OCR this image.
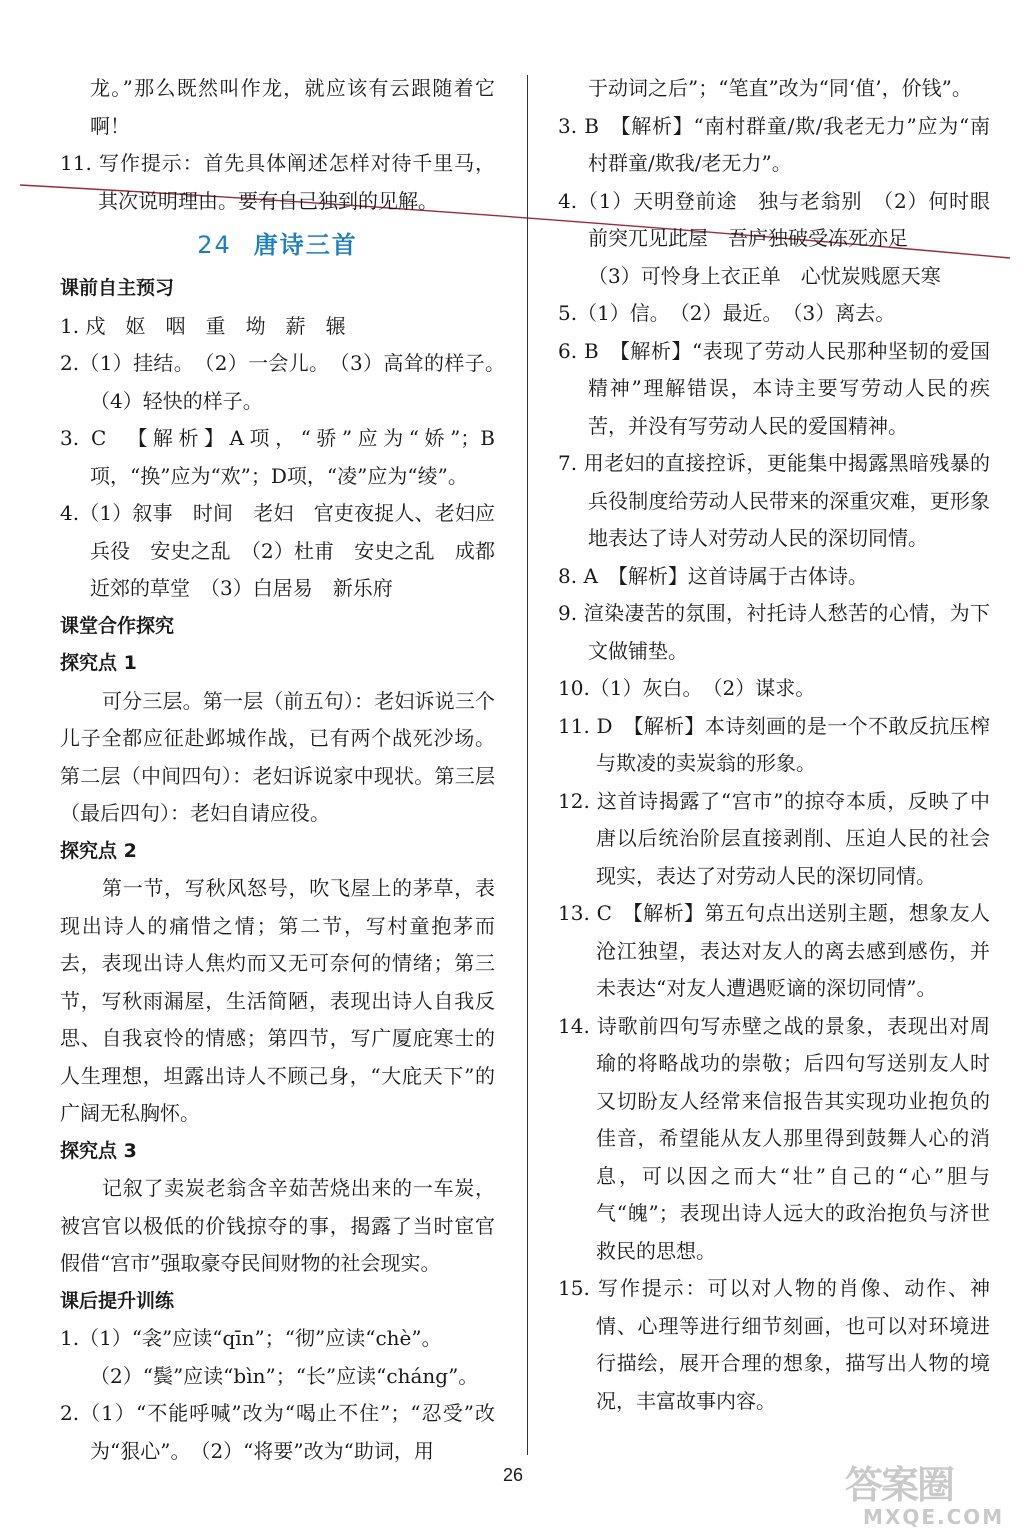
龙。”那么既然叫作龙，就应该有云跟随着它啊！

11. 写作提示：首先具体阐述怎样对待千里马，其次说明理由。要有自己独到的见解。

24 唐诗三首

课前自主预习

1. 戍　妪　咽　重　坳　薪　辗

2.（1）挂结。　（2）一会儿。　（3）高耸的样子。　（4）轻快的样子。

3. C　【解析】A项，“骄”应为“娇”；B项，“换”应为“欢”；D项，“凌”应为“绫”。

4.（1）叙事　时间　老妇　官吏夜捉人、老妇应兵役　安史之乱　（2）杜甫　安史之乱　成都近郊的草堂　（3）白居易　新乐府

课堂合作探究

探究点 1

可分三层。第一层（前五句）：老妇诉说三个儿子全都应征赴邺城作战，已有两个战死沙场。第二层（中间四句）：老妇诉说家中现状。第三层（最后四句）：老妇自请应役。

探究点 2

第一节，写秋风怒号，吹飞屋上的茅草，表现出诗人的痛惜之情；第二节，写村童抱茅而去，表现出诗人焦灼而又无可奈何的情绪；第三节，写秋雨漏屋，生活简陋，表现出诗人自我反思、自我哀怜的情感；第四节，写广厦庇寒士的人生理想，坦露出诗人不顾己身，“大庇天下”的广阔无私胸怀。

探究点 3

记叙了卖炭老翁含辛茹苦烧出来的一车炭，被宫官以极低的价钱掠夺的事，揭露了当时宦官假借“宫市”强取豪夺民间财物的社会现实。

课后提升训练

1.（1）“衾”应读“qīn”；“彻”应读“chè”。

（2）“鬓”应读“bìn”；“长”应读“cháng”。

2.（1）“不能呼喊”改为“喝止不住”；“忍受”改为“狠心”。　（2）“将要”改为“助词，用

于动词之后”；“笔直”改为“同‘值’，价钱”。

3. B　【解析】“南村群童/欺/我老无力”应为“南村群童/欺我/老无力”。

4.（1）天明登前途　独与老翁别　（2）何时眼前突兀见此屋　吾庐独破受冻死亦足

（3）可怜身上衣正单　心忧炭贱愿天寒

5.（1）信。　（2）最近。　（3）离去。

6. B　【解析】“表现了劳动人民那种坚韧的爱国精神”理解错误，本诗主要写劳动人民的疾苦，并没有写劳动人民的爱国精神。

7. 用老妇的直接控诉，更能集中揭露黑暗残暴的兵役制度给劳动人民带来的深重灾难，更形象地表达了诗人对劳动人民的深切同情。

8. A　【解析】这首诗属于古体诗。

9. 渲染凄苦的氛围，衬托诗人愁苦的心情，为下文做铺垫。

10.（1）灰白。　（2）谋求。

11. D　【解析】本诗刻画的是一个不敢反抗压榨与欺凌的卖炭翁的形象。

12. 这首诗揭露了“宫市”的掠夺本质，反映了中唐以后统治阶层直接剥削、压迫人民的社会现实，表达了对劳动人民的深切同情。

13. C　【解析】第五句点出送别主题，想象友人沧江独望，表达对友人的离去感到感伤，并未表达“对友人遭遇贬谪的深切同情”。

14. 诗歌前四句写赤壁之战的景象，表现出对周瑜的将略战功的崇敬；后四句写送别友人时又切盼友人经常来信报告其实现功业抱负的佳音，希望能从友人那里得到鼓舞人心的消息，可以因之而大“壮”自己的“心”胆与气“魄”；表现出诗人远大的政治抱负与济世救民的思想。

15. 写作提示：可以对人物的肖像、动作、神情、心理等进行细节刻画，也可以对环境进行描绘，展开合理的想象，描写出人物的境况，丰富故事内容。

26	答案圈
MXQE.COM
